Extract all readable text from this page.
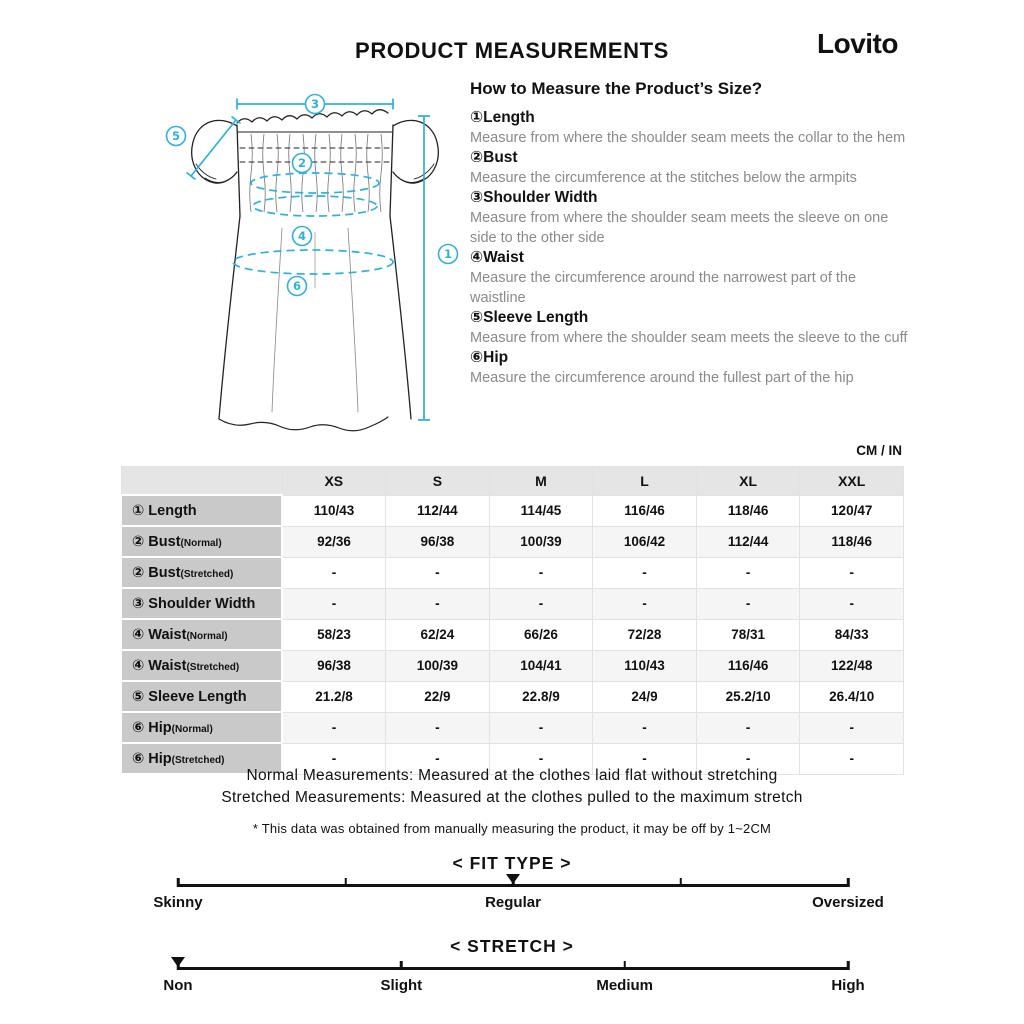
PRODUCT MEASUREMENTS	Lovito
1
2
3
4
5
6
How to Measure the Product’s Size?
①Length
Measure from where the shoulder seam meets the collar to the hem
②Bust
Measure the circumference at the stitches below the armpits
③Shoulder Width
Measure from where the shoulder seam meets the sleeve on one side to the other side
④Waist
Measure the circumference around the narrowest part of the waistline
⑤Sleeve Length
Measure from where the shoulder seam meets the sleeve to the cuff
⑥Hip
Measure the circumference around the fullest part of the hip
CM / IN
	XS	S	M	L	XL	XXL
① Length	110/43	112/44	114/45	116/46	118/46	120/47
② Bust(Normal)	92/36	96/38	100/39	106/42	112/44	118/46
② Bust(Stretched)	-	-	-	-	-	-
③ Shoulder Width	-	-	-	-	-	-
④ Waist(Normal)	58/23	62/24	66/26	72/28	78/31	84/33
④ Waist(Stretched)	96/38	100/39	104/41	110/43	116/46	122/48
⑤ Sleeve Length	21.2/8	22/9	22.8/9	24/9	25.2/10	26.4/10
⑥ Hip(Normal)	-	-	-	-	-	-
⑥ Hip(Stretched)	-	-	-	-	-	-
Normal Measurements: Measured at the clothes laid flat without stretching
Stretched Measurements: Measured at the clothes pulled to the maximum stretch
* This data was obtained from manually measuring the product, it may be off by 1~2CM
< FIT TYPE >
Skinny	Regular	Oversized
< STRETCH >
Non	Slight	Medium	High
